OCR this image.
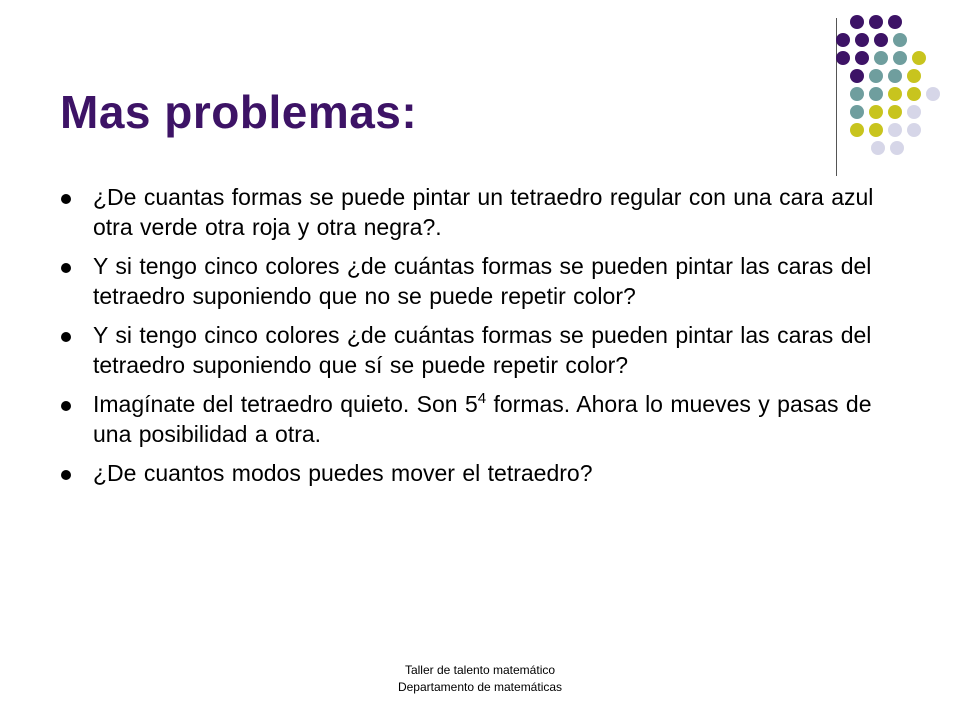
Mas problemas:
¿De cuantas formas se puede pintar un tetraedro regular con una cara azul otra verde otra roja y otra negra?.
Y si tengo cinco colores ¿de cuántas formas se pueden pintar las caras del tetraedro suponiendo que no se puede repetir color?
Y si tengo cinco colores ¿de cuántas formas se pueden pintar las caras del tetraedro suponiendo que sí se puede repetir color?
Imagínate del tetraedro quieto. Son $5^4$ formas. Ahora lo mueves y pasas de una posibilidad a otra.
¿De cuantos modos puedes mover el tetraedro?
Taller de talento matemático
Departamento de matemáticas
